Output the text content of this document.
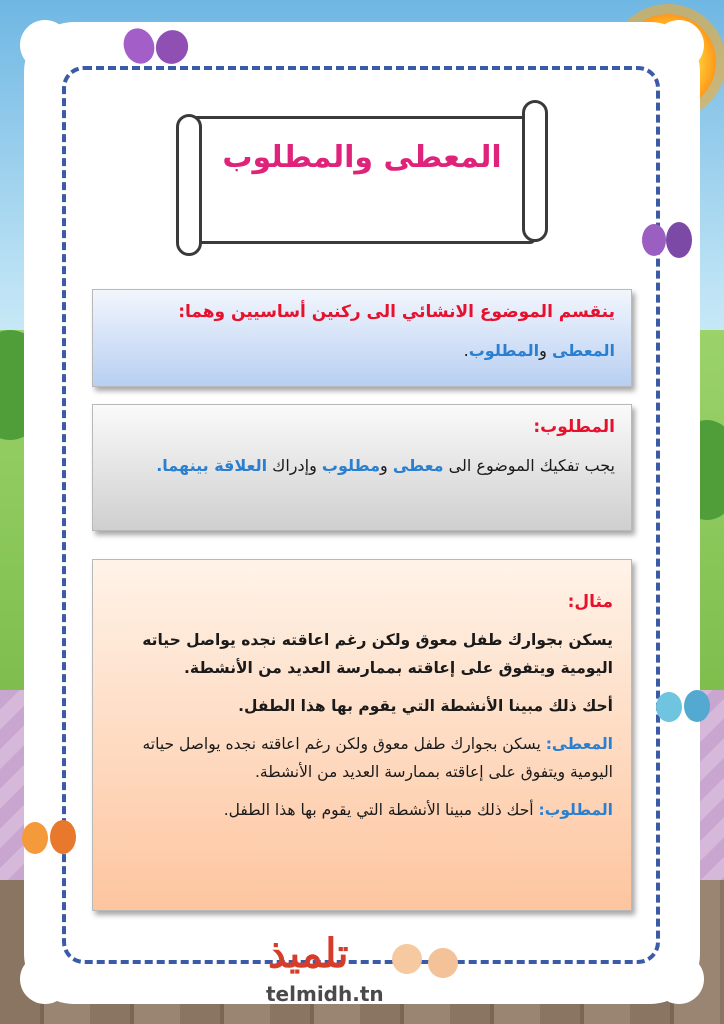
المعطى والمطلوب
ينقسم الموضوع الانشائي الى ركنين أساسيين وهما:
المعطى والمطلوب.
المطلوب:
يجب تفكيك الموضوع الى معطى ومطلوب وإدراك العلاقة بينهما.
مثال:
يسكن بجوارك طفل معوق ولكن رغم اعاقته نجده يواصل حياته اليومية ويتفوق على إعاقته بممارسة العديد من الأنشطة.
أحك ذلك مبينا الأنشطة التي يقوم بها هذا الطفل.
المعطى: يسكن بجوارك طفل معوق ولكن رغم اعاقته نجده يواصل حياته اليومية ويتفوق على إعاقته بممارسة العديد من الأنشطة.
المطلوب: أحك ذلك مبينا الأنشطة التي يقوم بها هذا الطفل.
تلميذ
telmidh.tn
